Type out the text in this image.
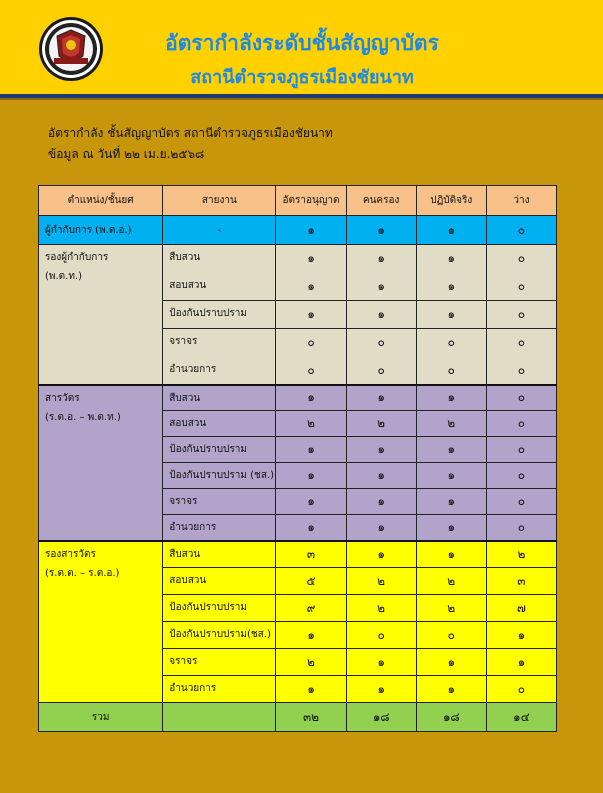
อัตรากำลังระดับชั้นสัญญาบัตร
สถานีตำรวจภูธรเมืองชัยนาท
อัตรากำลัง ชั้นสัญญาบัตร สถานีตำรวจภูธรเมืองชัยนาท
ข้อมูล ณ วันที่ ๒๒ เม.ย.๒๕๖๘
ตำแหน่ง/ชั้นยศ	สายงาน	อัตราอนุญาต	คนครอง	ปฏิบัติจริง	ว่าง
ผู้กำกับการ (พ.ต.อ.)	-	๑	๑	๑	๐

รองผู้กำกับการ
(พ.ต.ท.)	สืบสวน	๑	๑	๑	๐
	สอบสวน	๑	๑	๑	๐
	ป้องกันปราบปราม	๑	๑	๑	๐
	จราจร	๐	๐	๐	๐
	อำนวยการ	๐	๐	๐	๐

สารวัตร
(ร.ต.อ. – พ.ต.ท.)	สืบสวน	๑	๑	๑	๐
	สอบสวน	๒	๒	๒	๐
	ป้องกันปราบปราม	๑	๑	๑	๐
	ป้องกันปราบปราม (ชส.)	๑	๑	๑	๐
	จราจร	๑	๑	๑	๐
	อำนวยการ	๑	๑	๑	๐

รองสารวัตร
(ร.ต.ต. – ร.ต.อ.)	สืบสวน	๓	๑	๑	๒
	สอบสวน	๕	๒	๒	๓
	ป้องกันปราบปราม	๙	๒	๒	๗
	ป้องกันปราบปราม(ชส.)	๑	๐	๐	๑
	จราจร	๒	๑	๑	๑
	อำนวยการ	๑	๑	๑	๐
รวม		๓๒	๑๘	๑๘	๑๔
